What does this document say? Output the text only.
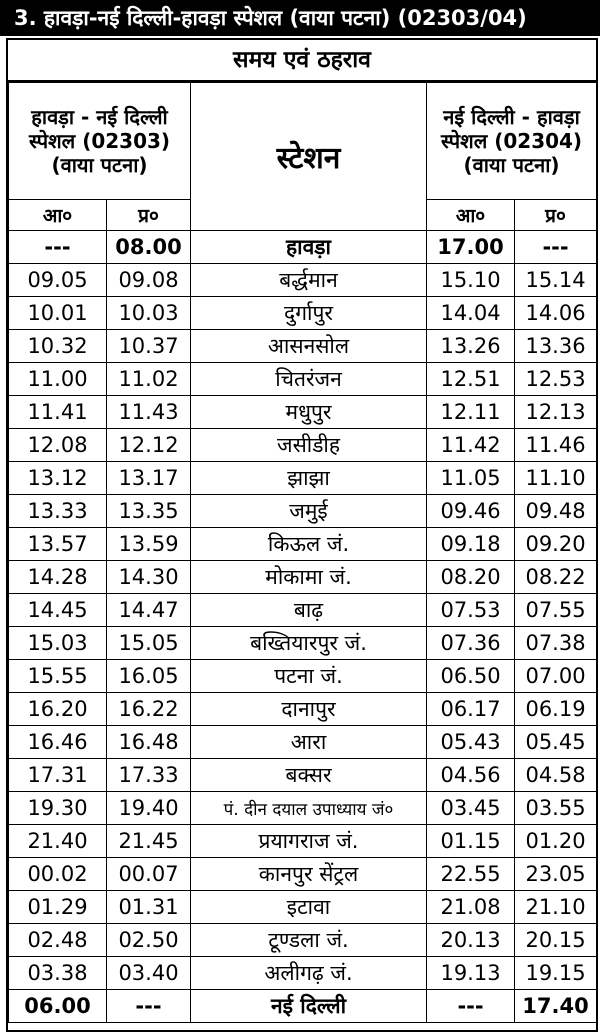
3. हावड़ा-नई दिल्ली-हावड़ा स्पेशल (वाया पटना) (02303/04)
समय एवं ठहराव
हावड़ा - नई दिल्ली स्पेशल (02303) (वाया पटना)		स्टेशन	नई दिल्ली - हावड़ा स्पेशल (02304) (वाया पटना)	
आ०	प्र०		आ०	प्र०
---	08.00	हावड़ा	17.00	---
09.05	09.08	बर्द्धमान	15.10	15.14
10.01	10.03	दुर्गापुर	14.04	14.06
10.32	10.37	आसनसोल	13.26	13.36
11.00	11.02	चितरंजन	12.51	12.53
11.41	11.43	मधुपुर	12.11	12.13
12.08	12.12	जसीडीह	11.42	11.46
13.12	13.17	झाझा	11.05	11.10
13.33	13.35	जमुई	09.46	09.48
13.57	13.59	किऊल जं.	09.18	09.20
14.28	14.30	मोकामा जं.	08.20	08.22
14.45	14.47	बाढ़	07.53	07.55
15.03	15.05	बख्तियारपुर जं.	07.36	07.38
15.55	16.05	पटना जं.	06.50	07.00
16.20	16.22	दानापुर	06.17	06.19
16.46	16.48	आरा	05.43	05.45
17.31	17.33	बक्सर	04.56	04.58
19.30	19.40	पं. दीन दयाल उपाध्याय जं०	03.45	03.55
21.40	21.45	प्रयागराज जं.	01.15	01.20
00.02	00.07	कानपुर सेंट्रल	22.55	23.05
01.29	01.31	इटावा	21.08	21.10
02.48	02.50	टूण्डला जं.	20.13	20.15
03.38	03.40	अलीगढ़ जं.	19.13	19.15
06.00	---	नई दिल्ली	---	17.40
